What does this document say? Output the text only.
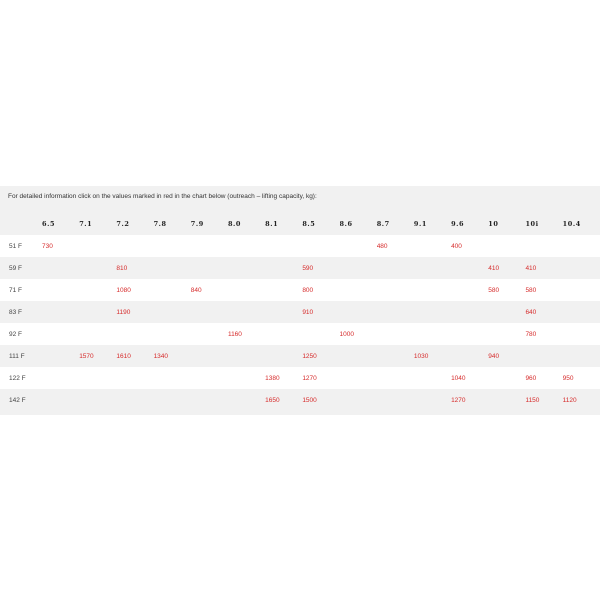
For detailed information click on the values marked in red in the chart below (outreach – lifting capacity, kg):
	6.5	7.1	7.2	7.8	7.9	8.0	8.1	8.5	8.6	8.7	9.1	9.6	10	10i	10.4
51 F	730									480		400			
59 F			810					590					410	410	
71 F			1080		840			800					580	580	
83 F			1190					910						640	
92 F						1160			1000					780	
111 F		1570	1610	1340				1250			1030		940		
122 F							1380	1270				1040		960	950
142 F							1650	1500				1270		1150	1120
